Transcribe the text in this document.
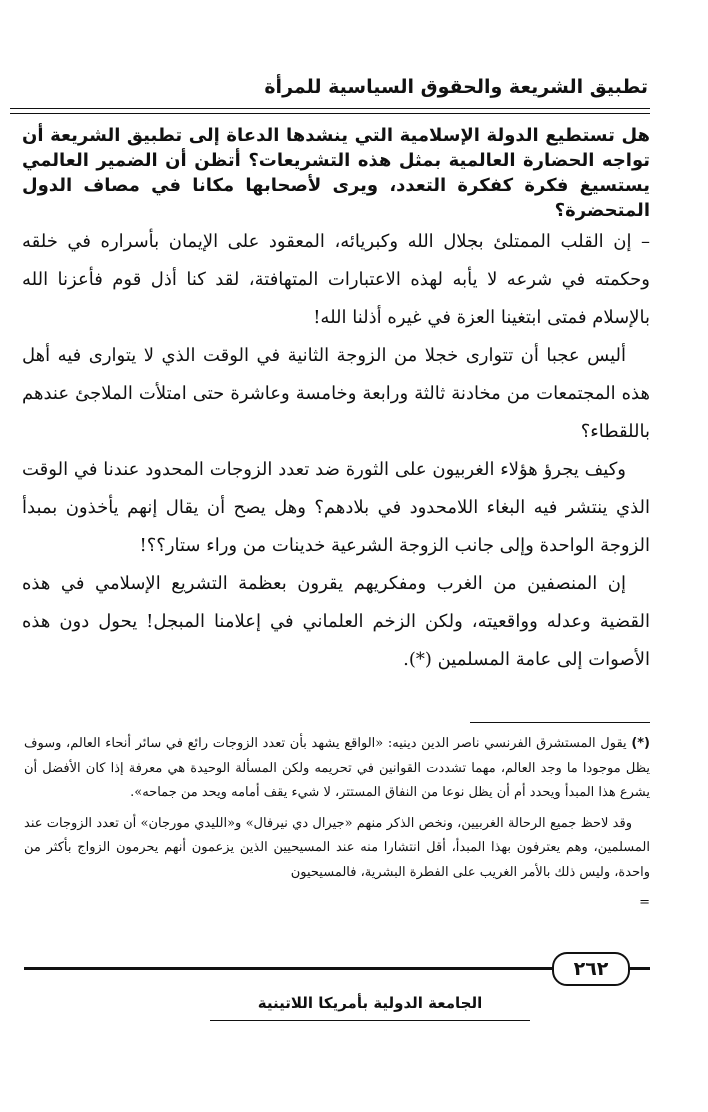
تطبيق الشريعة والحقوق السياسية للمرأة

هل تستطيع الدولة الإسلامية التي ينشدها الدعاة إلى تطبيق الشريعة أن تواجه الحضارة العالمية بمثل هذه التشريعات؟ أتظن أن الضمير العالمي يستسيغ فكرة كفكرة التعدد، ويرى لأصحابها مكانا في مصاف الدول المتحضرة؟

– إن القلب الممتلئ بجلال الله وكبريائه، المعقود على الإيمان بأسراره في خلقه وحكمته في شرعه لا يأبه لهذه الاعتبارات المتهافتة، لقد كنا أذل قوم فأعزنا الله بالإسلام فمتى ابتغينا العزة في غيره أذلنا الله!

أليس عجبا أن تتوارى خجلا من الزوجة الثانية في الوقت الذي لا يتوارى فيه أهل هذه المجتمعات من مخادنة ثالثة ورابعة وخامسة وعاشرة حتى امتلأت الملاجئ عندهم باللقطاء؟

وكيف يجرؤ هؤلاء الغربيون على الثورة ضد تعدد الزوجات المحدود عندنا في الوقت الذي ينتشر فيه البغاء اللامحدود في بلادهم؟ وهل يصح أن يقال إنهم يأخذون بمبدأ الزوجة الواحدة وإلى جانب الزوجة الشرعية خدينات من وراء ستار؟؟!

إن المنصفين من الغرب ومفكريهم يقرون بعظمة التشريع الإسلامي في هذه القضية وعدله وواقعيته، ولكن الزخم العلماني في إعلامنا المبجل! يحول دون هذه الأصوات إلى عامة المسلمين (*).

(*) يقول المستشرق الفرنسي ناصر الدين دينيه: «الواقع يشهد بأن تعدد الزوجات رائع في سائر أنحاء العالم، وسوف يظل موجودا ما وجد العالم، مهما تشددت القوانين في تحريمه ولكن المسألة الوحيدة هي معرفة إذا كان الأفضل أن يشرع هذا المبدأ ويحدد أم أن يظل نوعا من النفاق المستتر، لا شيء يقف أمامه ويحد من جماحه».

وقد لاحظ جميع الرحالة الغربيين، ونخص الذكر منهم «جيرال دي نيرفال» و«الليدي مورجان» أن تعدد الزوجات عند المسلمين، وهم يعترفون بهذا المبدأ، أقل انتشارا منه عند المسيحيين الذين يزعمون أنهم يحرمون الزواج بأكثر من واحدة، وليس ذلك بالأمر الغريب على الفطرة البشرية، فالمسيحيون

=

٢٦٢
الجامعة الدولية بأمريكا اللاتينية
